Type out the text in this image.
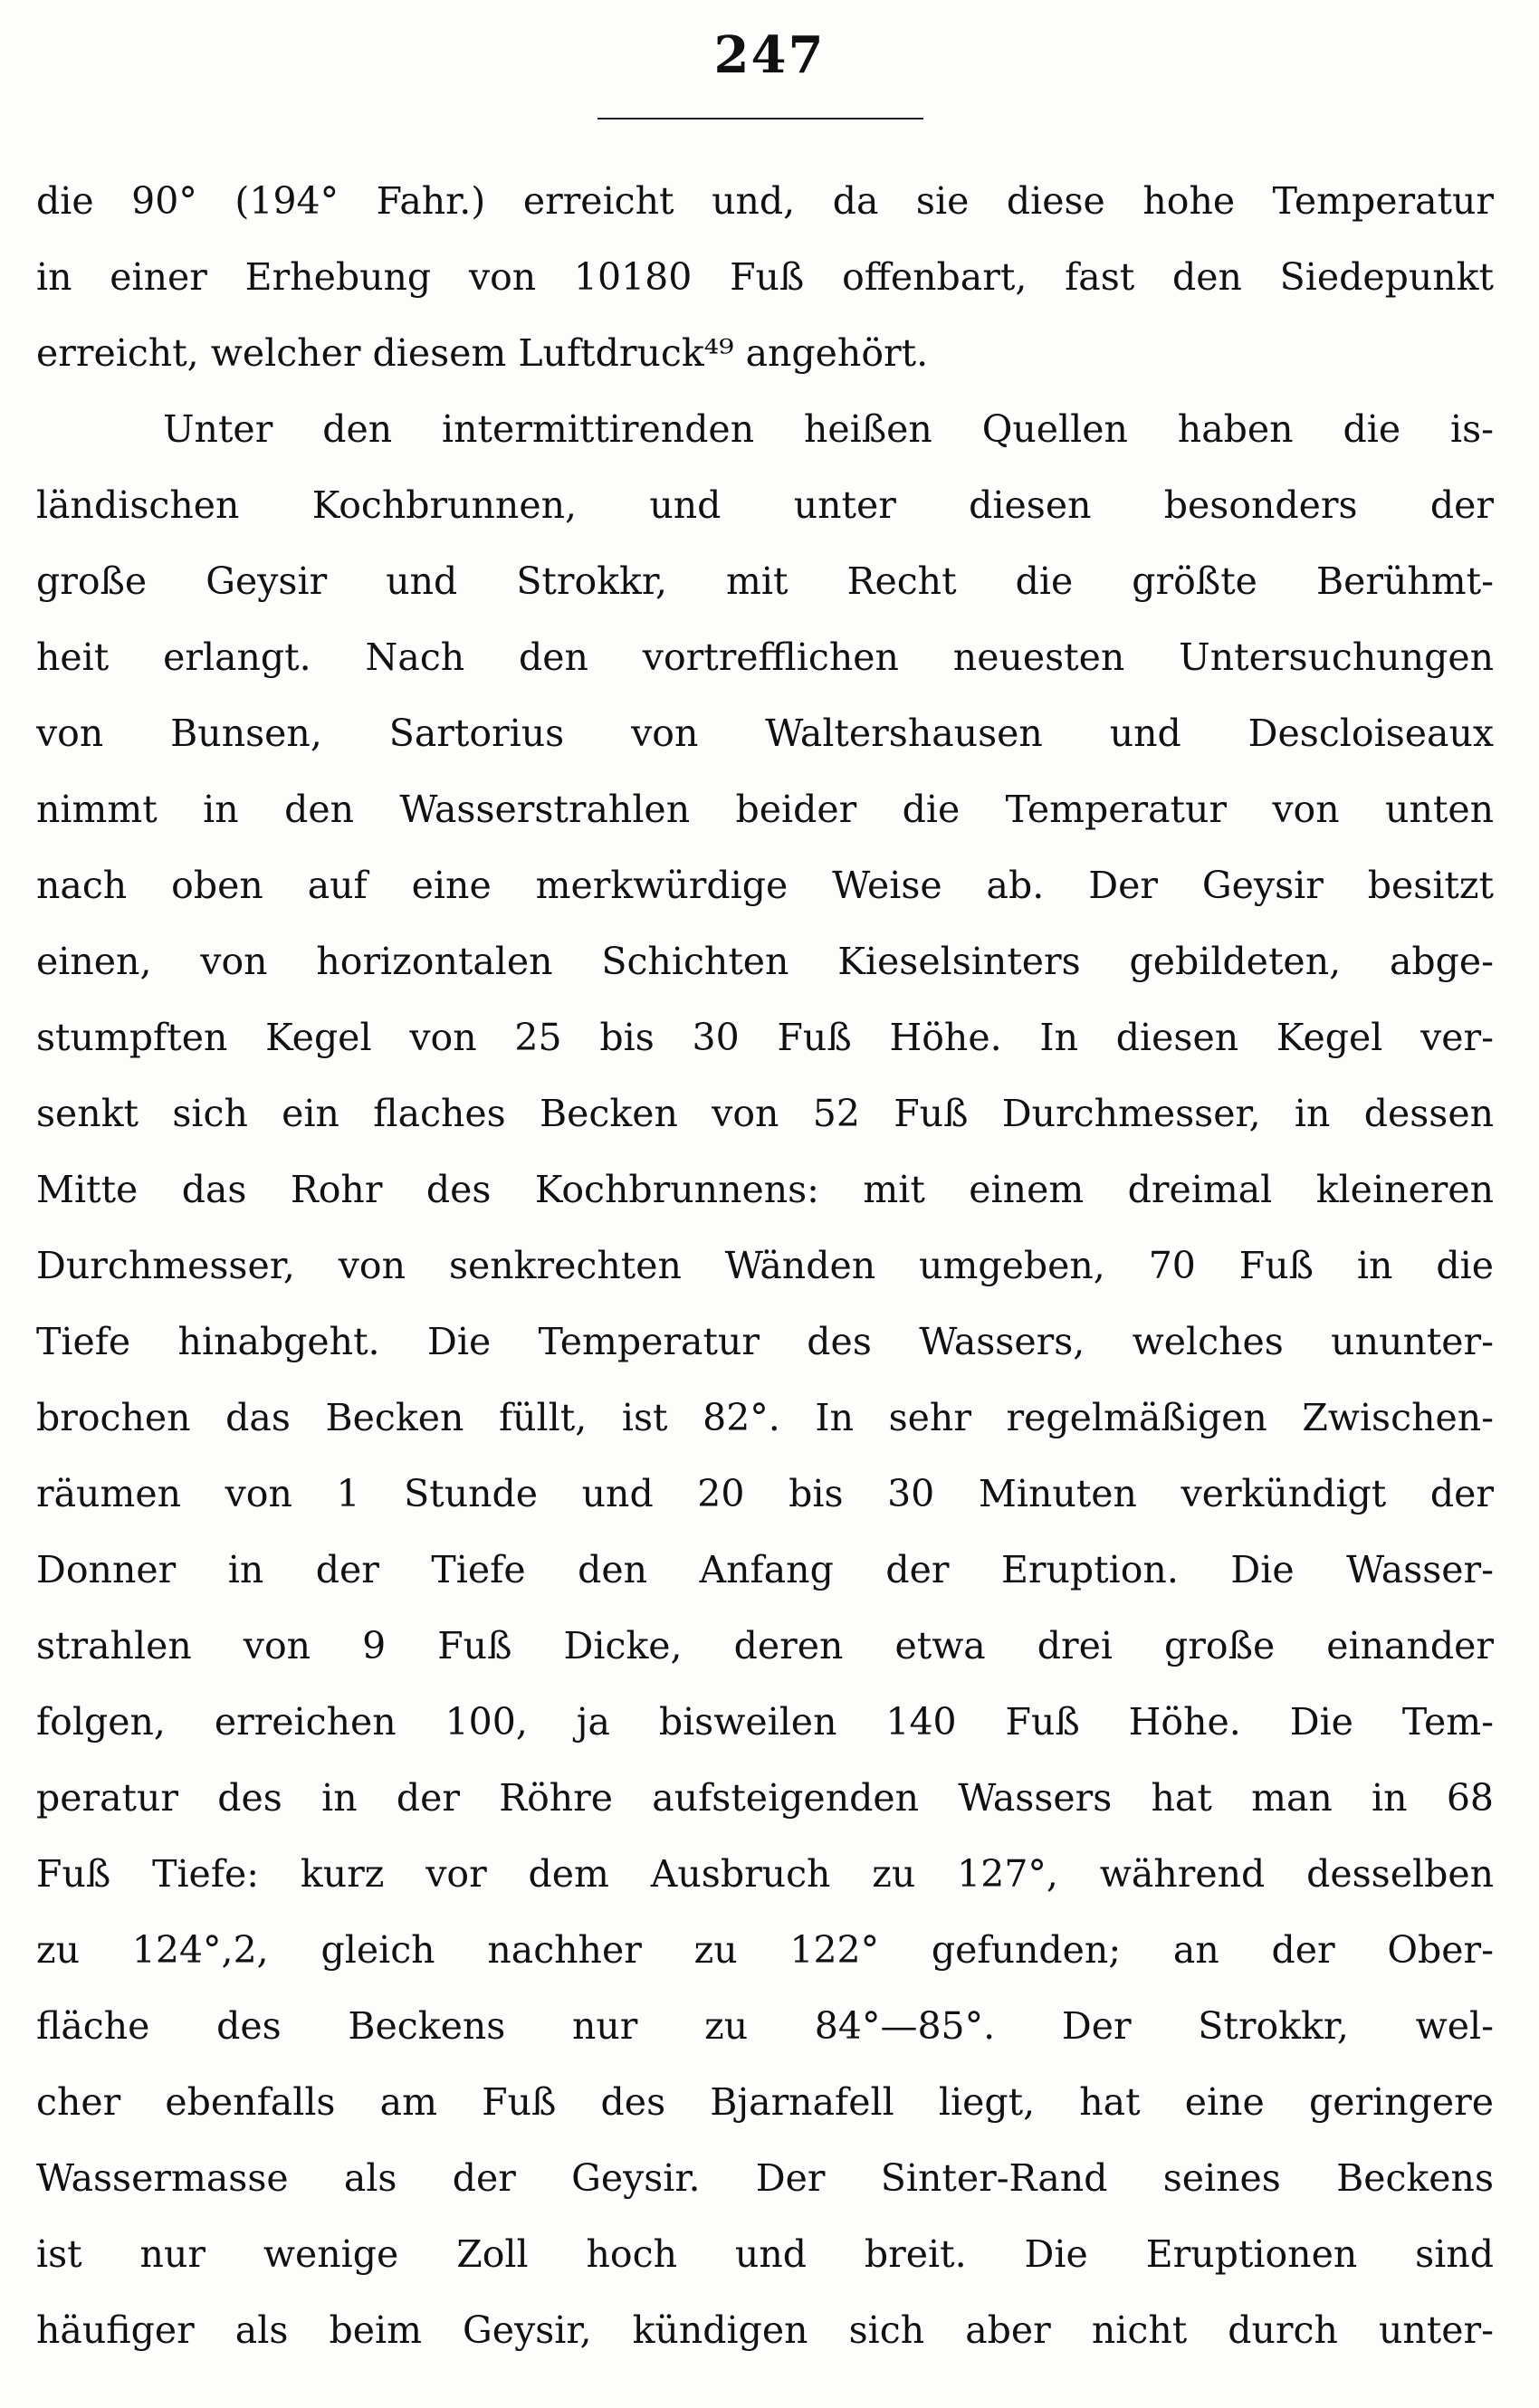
247
die 90° (194° Fahr.) erreicht und, da sie diese hohe Temperatur
in einer Erhebung von 10180 Fuß offenbart, fast den Siedepunkt
erreicht, welcher diesem Luftdruck⁴⁹ angehört.
Unter den intermittirenden heißen Quellen haben die is-
ländischen Kochbrunnen, und unter diesen besonders der
große Geysir und Strokkr, mit Recht die größte Berühmt-
heit erlangt. Nach den vortrefflichen neuesten Untersuchungen
von Bunsen, Sartorius von Waltershausen und Descloiseaux
nimmt in den Wasserstrahlen beider die Temperatur von unten
nach oben auf eine merkwürdige Weise ab. Der Geysir besitzt
einen, von horizontalen Schichten Kieselsinters gebildeten, abge-
stumpften Kegel von 25 bis 30 Fuß Höhe. In diesen Kegel ver-
senkt sich ein flaches Becken von 52 Fuß Durchmesser, in dessen
Mitte das Rohr des Kochbrunnens: mit einem dreimal kleineren
Durchmesser, von senkrechten Wänden umgeben, 70 Fuß in die
Tiefe hinabgeht. Die Temperatur des Wassers, welches ununter-
brochen das Becken füllt, ist 82°. In sehr regelmäßigen Zwischen-
räumen von 1 Stunde und 20 bis 30 Minuten verkündigt der
Donner in der Tiefe den Anfang der Eruption. Die Wasser-
strahlen von 9 Fuß Dicke, deren etwa drei große einander
folgen, erreichen 100, ja bisweilen 140 Fuß Höhe. Die Tem-
peratur des in der Röhre aufsteigenden Wassers hat man in 68
Fuß Tiefe: kurz vor dem Ausbruch zu 127°, während desselben
zu 124°,2, gleich nachher zu 122° gefunden; an der Ober-
fläche des Beckens nur zu 84°—85°. Der Strokkr, wel-
cher ebenfalls am Fuß des Bjarnafell liegt, hat eine geringere
Wassermasse als der Geysir. Der Sinter-Rand seines Beckens
ist nur wenige Zoll hoch und breit. Die Eruptionen sind
häufiger als beim Geysir, kündigen sich aber nicht durch unter-
